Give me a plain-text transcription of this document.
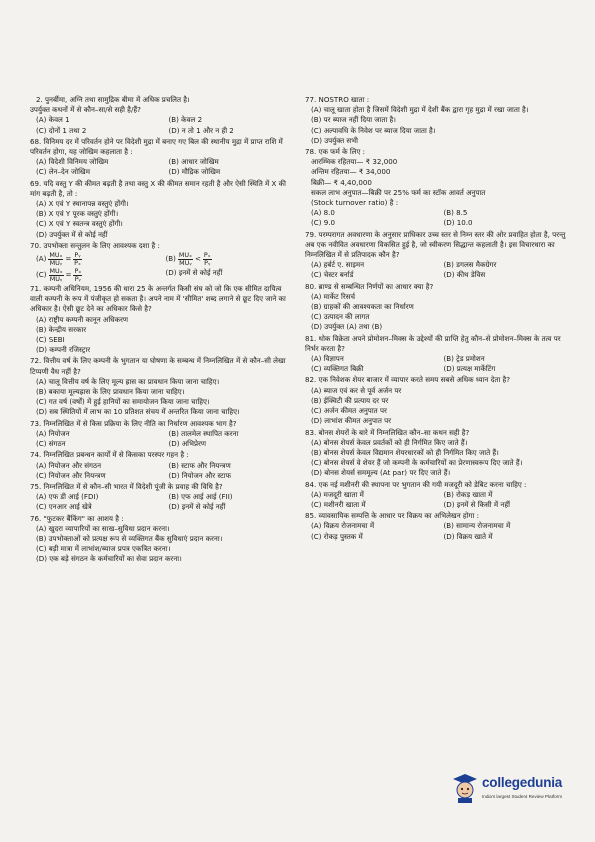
2. पुनर्बीमा, अग्नि तथा सामुद्रिक बीमा में अधिक प्रचलित है।
उपर्युक्त कथनों में से कौन–सा/से सही है/हैं?
(A) केवल 1	(B) केवल 2
(C) दोनों 1 तथा 2	(D) न तो 1 और न ही 2
68. विनिमय दर में परिवर्तन होने पर विदेशी मुद्रा में बनाए गए बिल की स्थानीय मुद्रा में प्राप्त राशि में परिवर्तन होगा, यह जोखिम कहलाता है :
(A) विदेशी विनिमय जोखिम	(B) आधार जोखिम
(C) लेन–देन जोखिम	(D) मौद्रिक जोखिम
69. यदि वस्तु Y की कीमत बढ़ती है तथा वस्तु X की कीमत समान रहती है और ऐसी स्थिति में X की मांग बढ़ती है, तो :
(A) X एवं Y स्थानापन्न वस्तुएं होंगी।
(B) X एवं Y पूरक वस्तुएं होंगी।
(C) X एवं Y स्वतन्त्र वस्तुएं होंगी।
(D) उपर्युक्त में से कोई नहीं
70. उपभोक्ता सन्तुलन के लिए आवश्यक दशा है :
(A) MUₓ
MUᵧ = $\frac{\text{Pᵧ}}{\text{Pₓ}}$	(B) MUₓ
MUᵧ < Pₓ
Pᵧ
(C) MUₓ
MUᵧ = $\frac{\text{Pₓ}}{\text{Pᵧ}}$	(D) इनमें से कोई नहीं
71. कम्पनी अधिनियम, 1956 की धारा 25 के अन्तर्गत किसी संघ को जो कि एक सीमित दायित्व वाली कम्पनी के रूप में पंजीकृत हो सकता है। अपने नाम में 'सीमित' शब्द लगाने से छूट दिए जाने का अधिकार है। ऐसी छूट देने का अधिकार किसे है?
(A) राष्ट्रीय कम्पनी कानून अधिकरण
(B) केन्द्रीय सरकार
(C) SEBI
(D) कम्पनी रजिस्ट्रार
72. वित्तीय वर्ष के लिए कम्पनी के भुगतान या घोषणा के सम्बन्ध में निम्नलिखित में से कौन–सी लेखा टिप्पणी वैध नहीं है?
(A) चालू वित्तीय वर्ष के लिए मूल्य ह्रास का प्रावधान किया जाना चाहिए।
(B) बकाया मूल्यह्रास के लिए प्रावधान किया जाना चाहिए।
(C) गत वर्ष (वर्षों) में हुई हानियों का समायोजन किया जाना चाहिए।
(D) सब स्थितियों में लाभ का 10 प्रतिशत संचय में अन्तरित किया जाना चाहिए।
73. निम्नलिखित में से किस प्रक्रिया के लिए नीति का निर्धारण आवश्यक भाग है?
(A) नियोजन	(B) तालमेल स्थापित करना
(C) संगठन	(D) अभिप्रेरण
74. निम्नलिखित प्रबन्धन कार्यों में से किसका परस्पर गहन है :
(A) नियोजन और संगठन	(B) स्टाफ और नियन्त्रण
(C) नियोजन और नियन्त्रण	(D) नियोजन और स्टाफ
75. निम्नलिखित में से कौन–सी भारत में विदेशी पूंजी के प्रवाह की विधि है?
(A) एफ डी आई (FDI)	(B) एफ आई आई (FII)
(C) एनआर आई खेत्रे	(D) इनमें से कोई नहीं
76. "फुटकर बैंकिंग" का आशय है :
(A) खुदरा व्यापारियों का साख–सुविधा प्रदान करना।
(B) उपभोक्ताओं को प्रत्यक्ष रूप से व्यक्तिगत बैंक सुविधाएं प्रदान करना।
(C) बड़ी मात्रा में लाभांश/ब्याज प्रपत्र एकत्रित करना।
(D) एक बड़े संगठन के कर्मचारियों का सेवा प्रदान करना।
77. NOSTRO खाता :
(A) चालू खाता होता है जिसमें विदेशी मुद्रा में देशी बैंक द्वारा गृह मुद्रा में रखा जाता है।
(B) पर ब्याज नहीं दिया जाता है।
(C) अल्पावधि के निवेश पर ब्याज दिया जाता है।
(D) उपर्युक्त सभी
78. एक फर्म के लिए :
आरम्भिक रहितया— ₹ 32,000
अन्तिम रहितया— ₹ 34,000
बिक्री— ₹ 4,40,000
सकल लाभ अनुपात—बिक्री पर 25% फर्म का स्टॉक आवर्त अनुपात
(Stock turnover ratio) है :
(A) 8.0	(B) 8.5
(C) 9.0	(D) 10.0
79. परम्परागत अवधारणा के अनुसार प्राधिकार उच्च स्तर से निम्न स्तर की ओर प्रवाहित होता है, परन्तु अब एक नवीवित अवधारणा विकसित हुई है, जो स्वीकरण सिद्धान्त कहलाती है। इस विचारधारा का निम्नलिखित में से प्रतिपादक कौन है?
(A) हर्बर्ट ए. साइमन	(B) डगलस मैकग्रेगर
(C) चेस्टर बर्नार्ड	(D) कीथ डेविस
80. ब्राण्ड से सम्बन्धित निर्णयों का आधार क्या है?
(A) मार्केट रिसर्च
(B) ग्राहकों की आवश्यकता का निर्धारण
(C) उत्पादन की लागत
(D) उपर्युक्त (A) तथा (B)
81. थोक विक्रेता अपने प्रोमोशन–मिक्स के उद्देश्यों की प्राप्ति हेतु कौन–से प्रोमोशन–मिक्स के तत्व पर निर्भर करता है?
(A) विज्ञापन	(B) ट्रेड प्रमोशन
(C) व्यक्तिगत बिक्री	(D) प्रत्यक्ष मार्केटिंग
82. एक निवेशक शेयर बाजार में व्यापार करते समय सबसे अधिक ध्यान देता है?
(A) ब्याज एवं कर से पूर्व अर्जन पर
(B) ईक्विटी की प्रत्याय दर पर
(C) अर्जन कीमत अनुपात पर
(D) लाभांश कीमत अनुपात पर
83. बोनस शेयरों के बारे में निम्नलिखित कौन–सा कथन सही है?
(A) बोनस शेयर्स केवल प्रवर्तकों को ही निर्गमित किए जाते हैं।
(B) बोनस शेयर्स केवल विद्यमान शेयरधारकों को ही निर्गमित किए जाते हैं।
(C) बोनस शेयर्स वे शेयर हैं जो कम्पनी के कर्मचारियों का प्रेरणास्वरूप दिए जाते हैं।
(D) बोनस शेयर्स सममूल्य (At par) पर दिए जाते हैं।
84. एक नई मशीनरी की स्थापना पर भुगतान की गयी मजदूरी को डेबिट करना चाहिए :
(A) मजदूरी खाता में	(B) रोकड़ खाता में
(C) मशीनरी खाता में	(D) इनमें से किसी में नहीं
85. व्यावसायिक सम्पत्ति के आधार पर विक्रय का अभिलेखन होगा :
(A) विक्रय रोजनामचा में	(B) सामान्य रोजनामचा में
(C) रोकड़ पुस्तक में	(D) विक्रय खाते में
collegedunia
India's largest Student Review Platform
